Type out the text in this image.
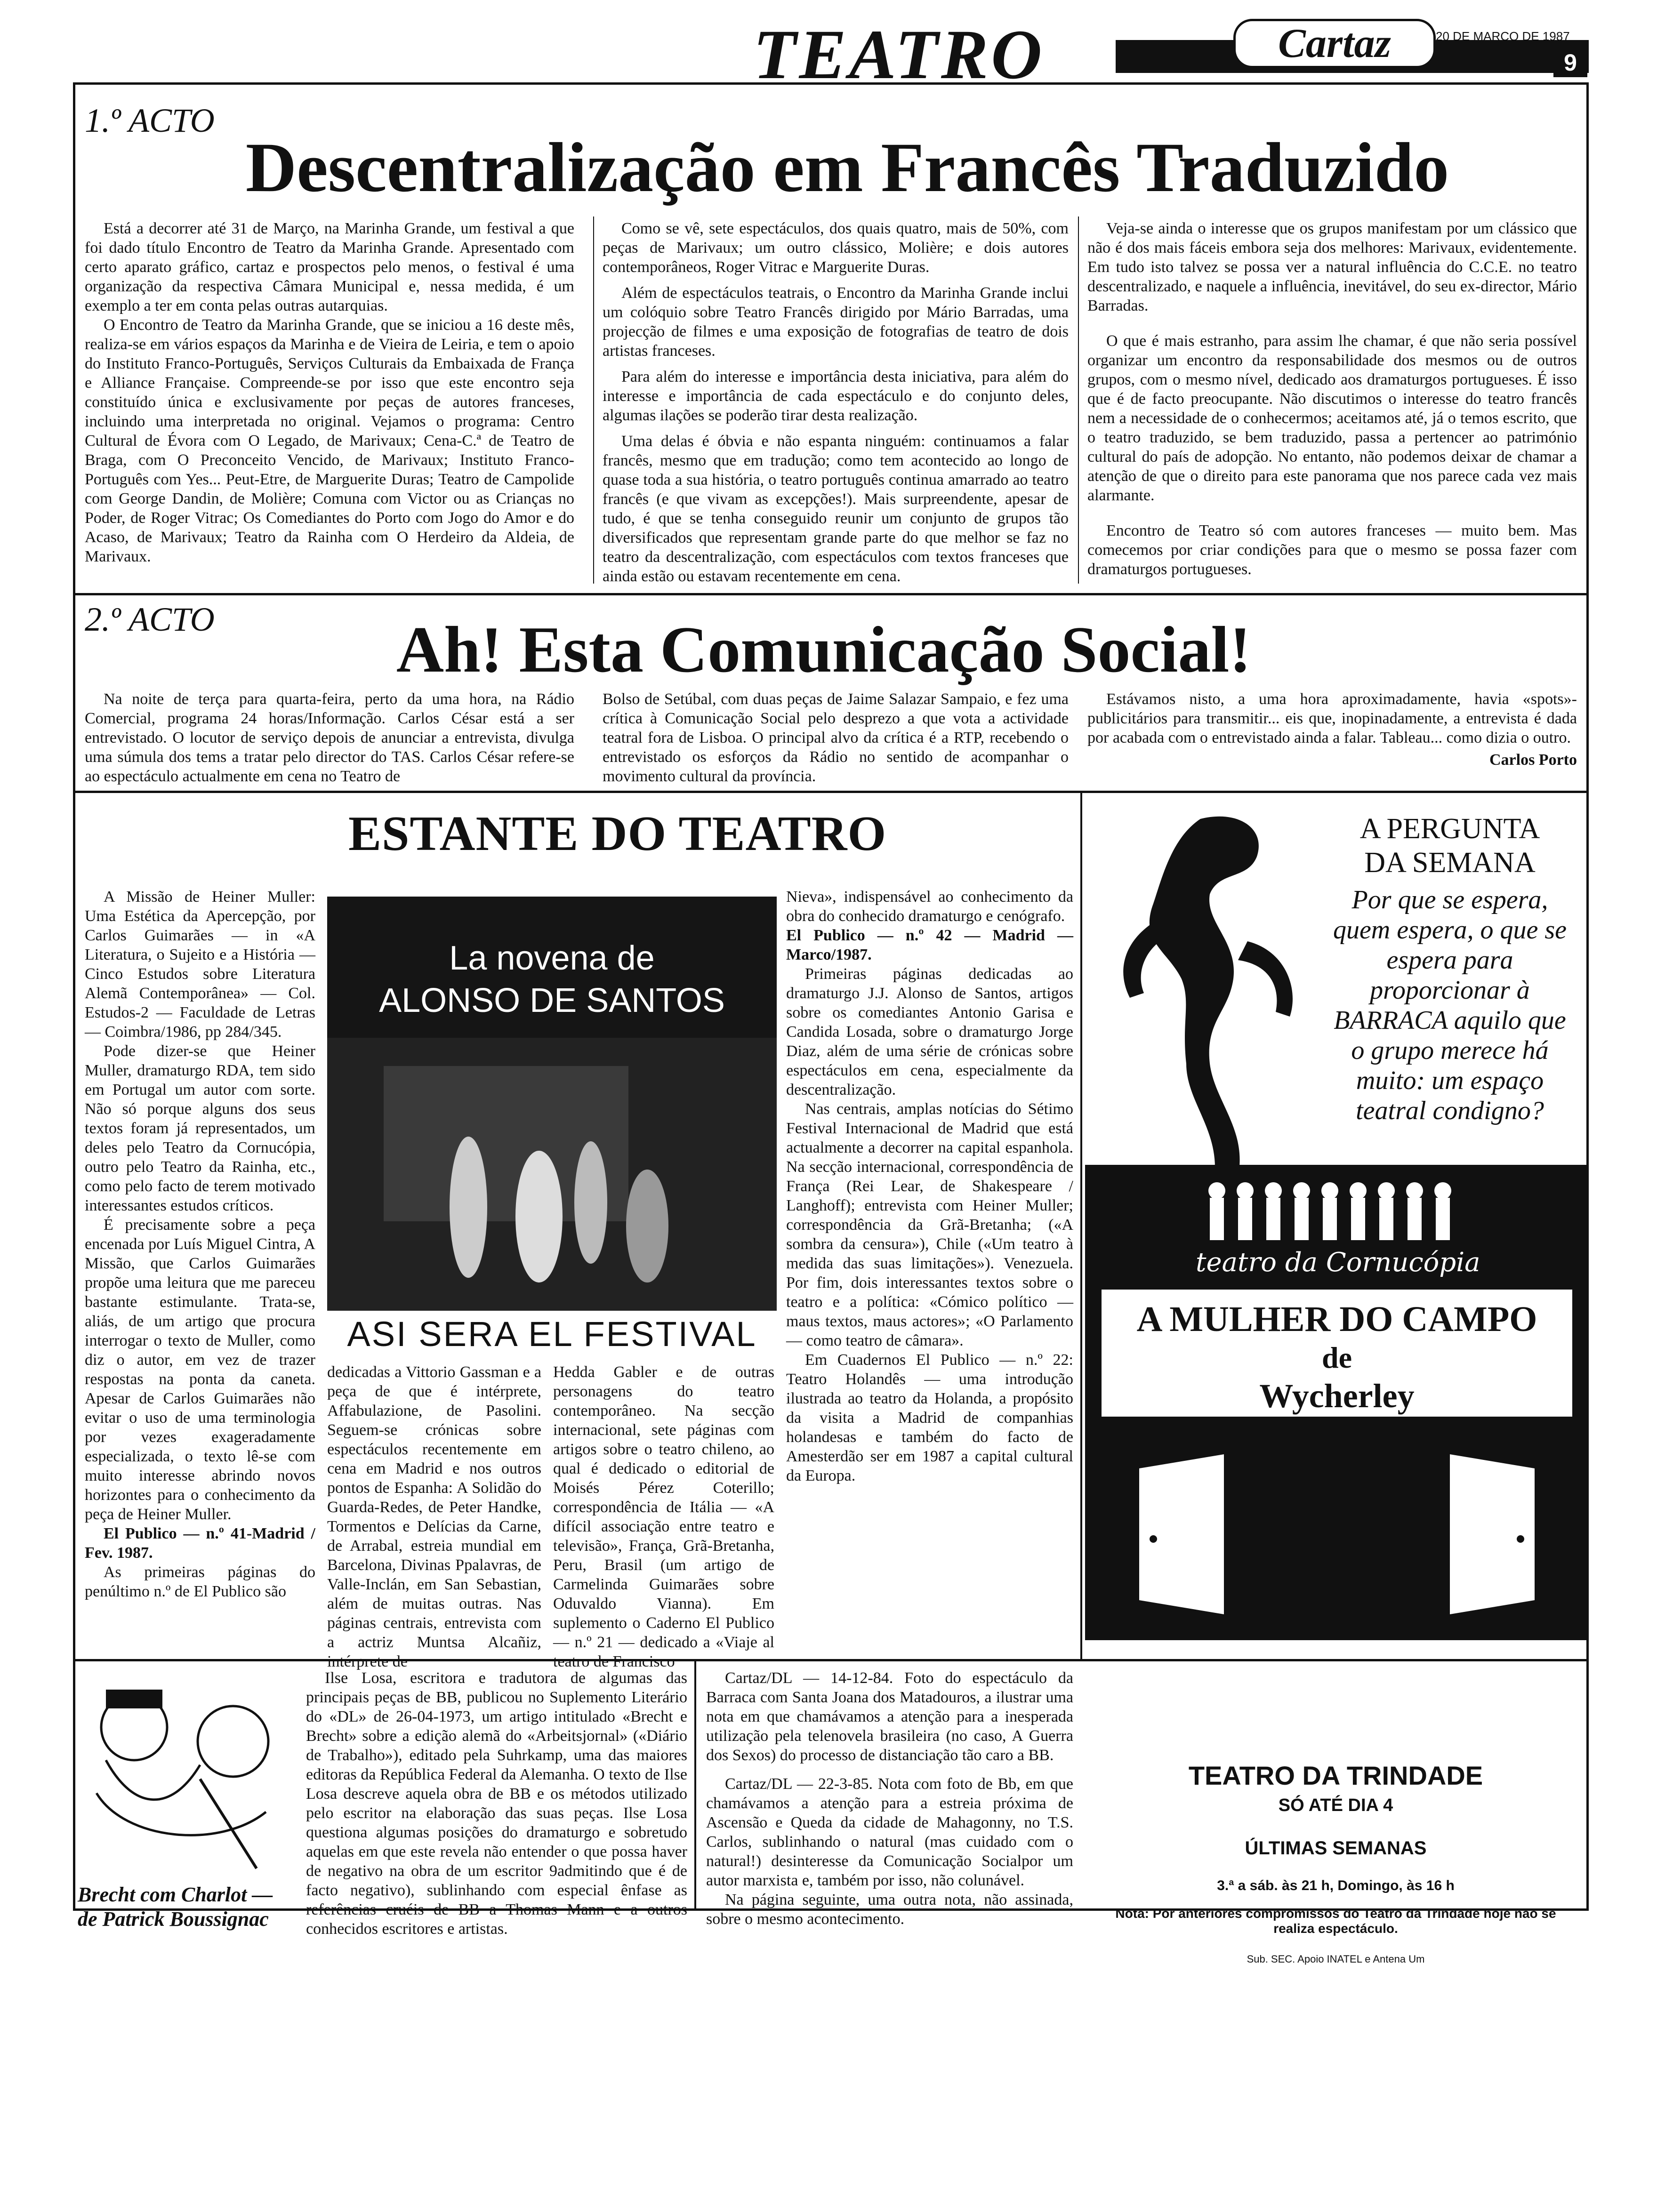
TEATRO	Cartaz	20 DE MARÇO DE 1987
9
1.º ACTO
Descentralização em Francês Traduzido

Está a decorrer até 31 de Março, na Marinha Grande, um festival a que foi dado título Encontro de Teatro da Marinha Grande. Apresentado com certo aparato gráfico, cartaz e prospectos pelo menos, o festival é uma organização da respectiva Câmara Municipal e, nessa medida, é um exemplo a ter em conta pelas outras autarquias.

O Encontro de Teatro da Marinha Grande, que se iniciou a 16 deste mês, realiza-se em vários espaços da Marinha e de Vieira de Leiria, e tem o apoio do Instituto Franco-Português, Serviços Culturais da Embaixada de França e Alliance Française. Compreende-se por isso que este encontro seja constituído única e exclusivamente por peças de autores franceses, incluindo uma interpretada no original. Vejamos o programa: Centro Cultural de Évora com O Legado, de Marivaux; Cena-C.ª de Teatro de Braga, com O Preconceito Vencido, de Marivaux; Instituto Franco-Português com Yes... Peut-Etre, de Marguerite Duras; Teatro de Campolide com George Dandin, de Molière; Comuna com Victor ou as Crianças no Poder, de Roger Vitrac; Os Comediantes do Porto com Jogo do Amor e do Acaso, de Marivaux; Teatro da Rainha com O Herdeiro da Aldeia, de Marivaux.

Como se vê, sete espectáculos, dos quais quatro, mais de 50%, com peças de Marivaux; um outro clássico, Molière; e dois autores contemporâneos, Roger Vitrac e Marguerite Duras.

Além de espectáculos teatrais, o Encontro da Marinha Grande inclui um colóquio sobre Teatro Francês dirigido por Mário Barradas, uma projecção de filmes e uma exposição de fotografias de teatro de dois artistas franceses.

Para além do interesse e importância desta iniciativa, para além do interesse e importância de cada espectáculo e do conjunto deles, algumas ilações se poderão tirar desta realização.

Uma delas é óbvia e não espanta ninguém: continuamos a falar francês, mesmo que em tradução; como tem acontecido ao longo de quase toda a sua história, o teatro português continua amarrado ao teatro francês (e que vivam as excepções!). Mais surpreendente, apesar de tudo, é que se tenha conseguido reunir um conjunto de grupos tão diversificados que representam grande parte do que melhor se faz no teatro da descentralização, com espectáculos com textos franceses que ainda estão ou estavam recentemente em cena.

Veja-se ainda o interesse que os grupos manifestam por um clássico que não é dos mais fáceis embora seja dos melhores: Marivaux, evidentemente. Em tudo isto talvez se possa ver a natural influência do C.C.E. no teatro descentralizado, e naquele a influência, inevitável, do seu ex-director, Mário Barradas.

O que é mais estranho, para assim lhe chamar, é que não seria possível organizar um encontro da responsabilidade dos mesmos ou de outros grupos, com o mesmo nível, dedicado aos dramaturgos portugueses. É isso que é de facto preocupante. Não discutimos o interesse do teatro francês nem a necessidade de o conhecermos; aceitamos até, já o temos escrito, que o teatro traduzido, se bem traduzido, passa a pertencer ao património cultural do país de adopção. No entanto, não podemos deixar de chamar a atenção de que o direito para este panorama que nos parece cada vez mais alarmante.

Encontro de Teatro só com autores franceses — muito bem. Mas comecemos por criar condições para que o mesmo se possa fazer com dramaturgos portugueses.

2.º ACTO	Ah! Esta Comunicação Social!

Na noite de terça para quarta-feira, perto da uma hora, na Rádio Comercial, programa 24 horas/Informação. Carlos César está a ser entrevistado. O locutor de serviço depois de anunciar a entrevista, divulga uma súmula dos tems a tratar pelo director do TAS. Carlos César refere-se ao espectáculo actualmente em cena no Teatro de

Bolso de Setúbal, com duas peças de Jaime Salazar Sampaio, e fez uma crítica à Comunicação Social pelo desprezo a que vota a actividade teatral fora de Lisboa. O principal alvo da crítica é a RTP, recebendo o entrevistado os esforços da Rádio no sentido de acompanhar o movimento cultural da província.

Estávamos nisto, a uma hora aproximadamente, havia «spots»-publicitários para transmitir... eis que, inopinadamente, a entrevista é dada por acabada com o entrevistado ainda a falar. Tableau... como dizia o outro.

Carlos Porto
ESTANTE DO TEATRO

A Missão de Heiner Muller: Uma Estética da Apercepção, por Carlos Guimarães — in «A Literatura, o Sujeito e a História — Cinco Estudos sobre Literatura Alemã Contemporânea» — Col. Estudos-2 — Faculdade de Letras — Coimbra/1986, pp 284/345.

Pode dizer-se que Heiner Muller, dramaturgo RDA, tem sido em Portugal um autor com sorte. Não só porque alguns dos seus textos foram já representados, um deles pelo Teatro da Cornucópia, outro pelo Teatro da Rainha, etc., como pelo facto de terem motivado interessantes estudos críticos.

É precisamente sobre a peça encenada por Luís Miguel Cintra, A Missão, que Carlos Guimarães propõe uma leitura que me pareceu bastante estimulante. Trata-se, aliás, de um artigo que procura interrogar o texto de Muller, como diz o autor, em vez de trazer respostas na ponta da caneta. Apesar de Carlos Guimarães não evitar o uso de uma terminologia por vezes exageradamente especializada, o texto lê-se com muito interesse abrindo novos horizontes para o conhecimento da peça de Heiner Muller.

El Publico — n.º 41-Madrid / Fev. 1987.

As primeiras páginas do penúltimo n.º de El Publico são

La novena de
ALONSO DE SANTOS
ASI SERA EL FESTIVAL

dedicadas a Vittorio Gassman e a peça de que é intérprete, Affabulazione, de Pasolini. Seguem-se crónicas sobre espectáculos recentemente em cena em Madrid e nos outros pontos de Espanha: A Solidão do Guarda-Redes, de Peter Handke, Tormentos e Delícias da Carne, de Arrabal, estreia mundial em Barcelona, Divinas Ppalavras, de Valle-Inclán, em San Sebastian, além de muitas outras. Nas páginas centrais, entrevista com a actriz Muntsa Alcañiz, intérprete de

Hedda Gabler e de outras personagens do teatro contemporâneo. Na secção internacional, sete páginas com artigos sobre o teatro chileno, ao qual é dedicado o editorial de Moisés Pérez Coterillo; correspondência de Itália — «A difícil associação entre teatro e televisão», França, Grã-Bretanha, Peru, Brasil (um artigo de Carmelinda Guimarães sobre Oduvaldo Vianna). Em suplemento o Caderno El Publico — n.º 21 — dedicado a «Viaje al teatro de Francisco

Nieva», indispensável ao conhecimento da obra do conhecido dramaturgo e cenógrafo.

El Publico — n.º 42 — Madrid — Marco/1987.

Primeiras páginas dedicadas ao dramaturgo J.J. Alonso de Santos, artigos sobre os comediantes Antonio Garisa e Candida Losada, sobre o dramaturgo Jorge Diaz, além de uma série de crónicas sobre espectáculos em cena, especialmente da descentralização.

Nas centrais, amplas notícias do Sétimo Festival Internacional de Madrid que está actualmente a decorrer na capital espanhola. Na secção internacional, correspondência de França (Rei Lear, de Shakespeare / Langhoff); entrevista com Heiner Muller; correspondência da Grã-Bretanha; («A sombra da censura»), Chile («Um teatro à medida das suas limitações»). Venezuela. Por fim, dois interessantes textos sobre o teatro e a política: «Cómico político — maus textos, maus actores»; «O Parlamento — como teatro de câmara».

Em Cuadernos El Publico — n.º 22: Teatro Holandês — uma introdução ilustrada ao teatro da Holanda, a propósito da visita a Madrid de companhias holandesas e também do facto de Amesterdão ser em 1987 a capital cultural da Europa.

A PERGUNTA
DA SEMANA
Por que se espera, quem espera, o que se espera para proporcionar à BARRACA aquilo que o grupo merece há muito: um espaço teatral condigno?
teatro da Cornucópia
A MULHER DO CAMPO
de
Wycherley
Brecht com Charlot —
de Patrick Boussignac

Ilse Losa, escritora e tradutora de algumas das principais peças de BB, publicou no Suplemento Literário do «DL» de 26-04-1973, um artigo intitulado «Brecht e Brecht» sobre a edição alemã do «Arbeitsjornal» («Diário de Trabalho»), editado pela Suhrkamp, uma das maiores editoras da República Federal da Alemanha. O texto de Ilse Losa descreve aquela obra de BB e os métodos utilizado pelo escritor na elaboração das suas peças. Ilse Losa questiona algumas posições do dramaturgo e sobretudo aquelas em que este revela não entender o que possa haver de negativo na obra de um escritor 9admitindo que é de facto negativo), sublinhando com especial ênfase as referências cruéis de BB a Thomas Mann e a outros conhecidos escritores e artistas.

Cartaz/DL — 14-12-84. Foto do espectáculo da Barraca com Santa Joana dos Matadouros, a ilustrar uma nota em que chamávamos a atenção para a inesperada utilização pela telenovela brasileira (no caso, A Guerra dos Sexos) do processo de distanciação tão caro a BB.

Cartaz/DL — 22-3-85. Nota com foto de Bb, em que chamávamos a atenção para a estreia próxima de Ascensão e Queda da cidade de Mahagonny, no T.S. Carlos, sublinhando o natural (mas cuidado com o natural!) desinteresse da Comunicação Socialpor um autor marxista e, também por isso, não colunável.

Na página seguinte, uma outra nota, não assinada, sobre o mesmo acontecimento.

TEATRO DA TRINDADE
SÓ ATÉ DIA 4
ÚLTIMAS SEMANAS
3.ª a sáb. às 21 h, Domingo, às 16 h
Nota: Por anteriores compromissos do Teatro da Trindade hoje não se realiza espectáculo.
Sub. SEC. Apoio INATEL e Antena Um
